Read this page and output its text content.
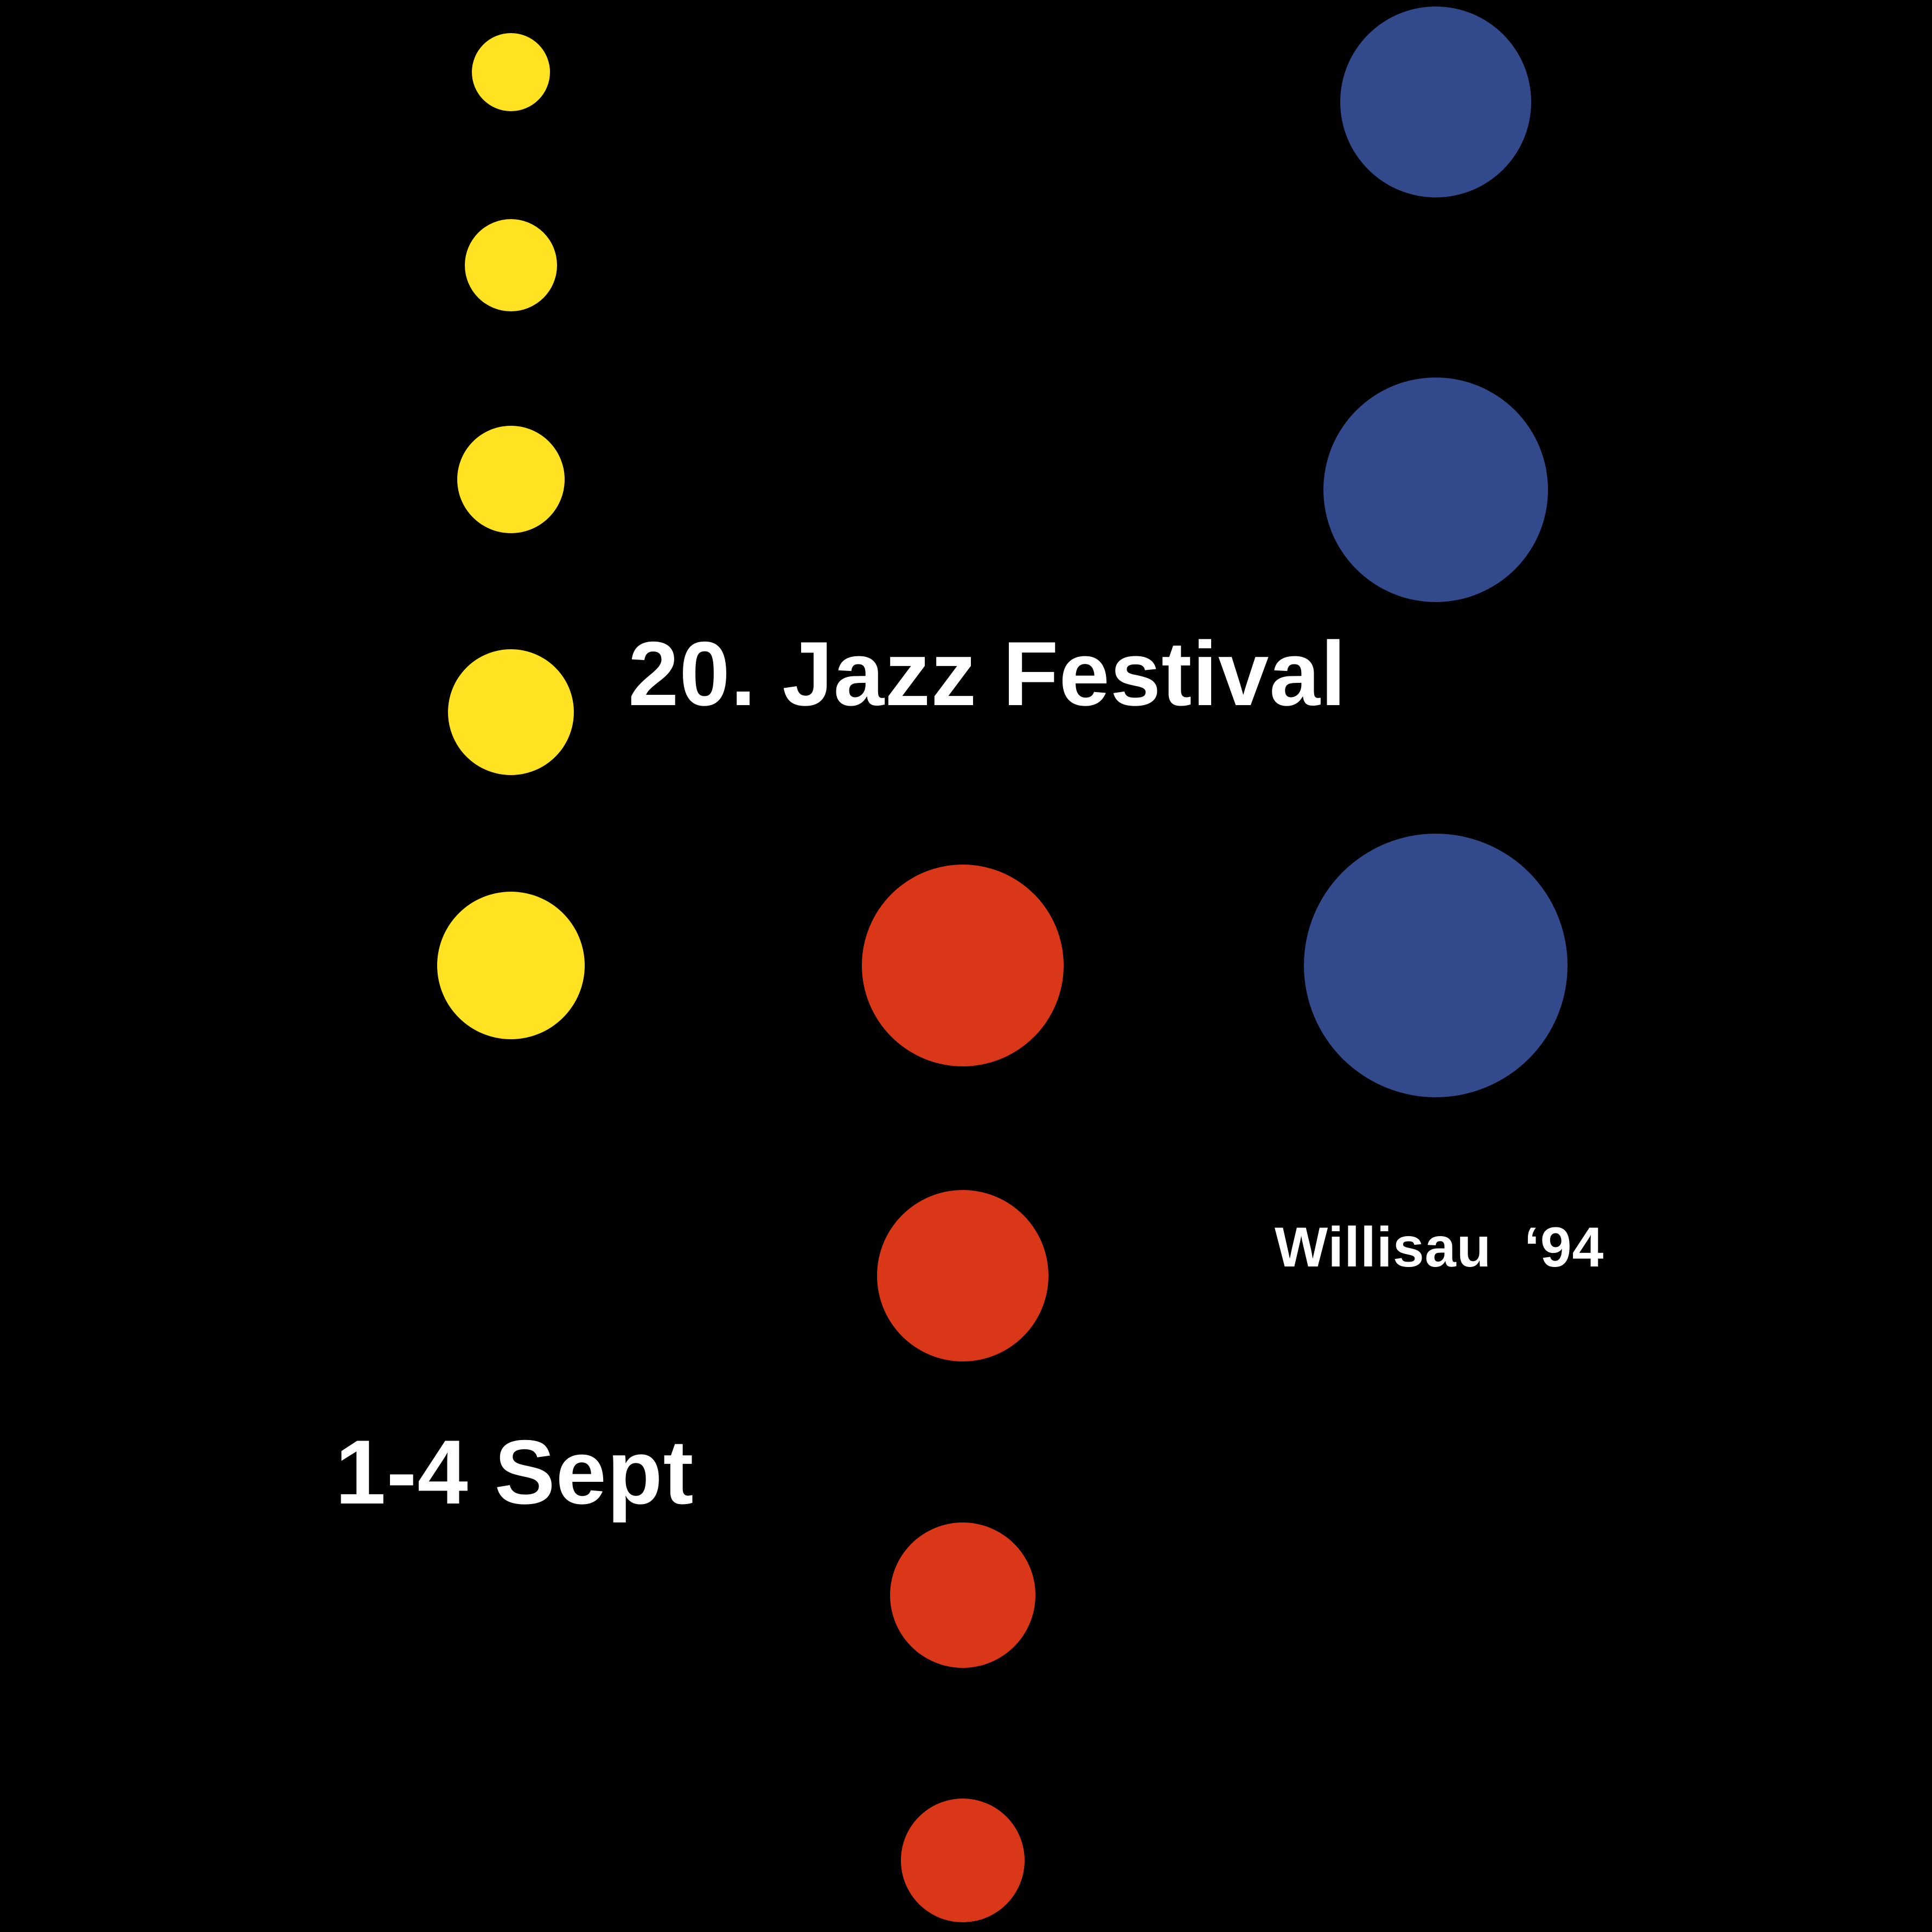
20. Jazz Festival
Willisau  ‘94
1-4 Sept
